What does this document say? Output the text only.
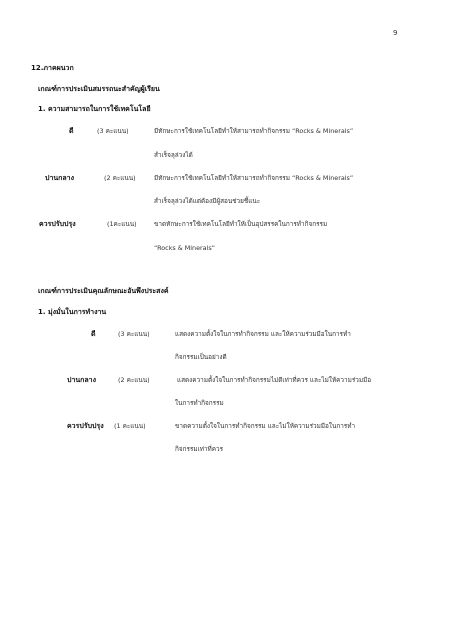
9
12.ภาคผนวก
เกณฑ์การประเมินสมรรถนะสำคัญผู้เรียน
1. ความสามารถในการใช้เทคโนโลยี
ดี	(3 คะแนน)	มีทักษะการใช้เทคโนโลยีทำให้สามารถทำกิจกรรม “Rocks & Minerals”
สำเร็จลุล่วงได้
ปานกลาง	(2 คะแนน)	มีทักษะการใช้เทคโนโลยีทำให้สามารถทำกิจกรรม “Rocks & Minerals”
สำเร็จลุล่วงได้แต่ต้องมีผู้สอนช่วยชี้แนะ
ควรปรับปรุง	(1คะแนน)	ขาดทักษะการใช้เทคโนโลยีทำให้เป็นอุปสรรคในการทำกิจกรรม
“Rocks & Minerals”
เกณฑ์การประเมินคุณลักษณะอันพึงประสงค์
1. มุ่งมั่นในการทำงาน
ดี	(3 คะแนน)	แสดงความตั้งใจในการทำกิจกรรม และให้ความร่วมมือในการทำ
กิจกรรมเป็นอย่างดี
ปานกลาง	(2 คะแนน)	แสดงความตั้งใจในการทำกิจกรรมไม่ดีเท่าที่ควร และไม่ให้ความร่วมมือ
ในการทำกิจกรรม
ควรปรับปรุง (1 คะแนน)	ขาดความตั้งใจในการทำกิจกรรม และไม่ให้ความร่วมมือในการทำ
กิจกรรมเท่าที่ควร
